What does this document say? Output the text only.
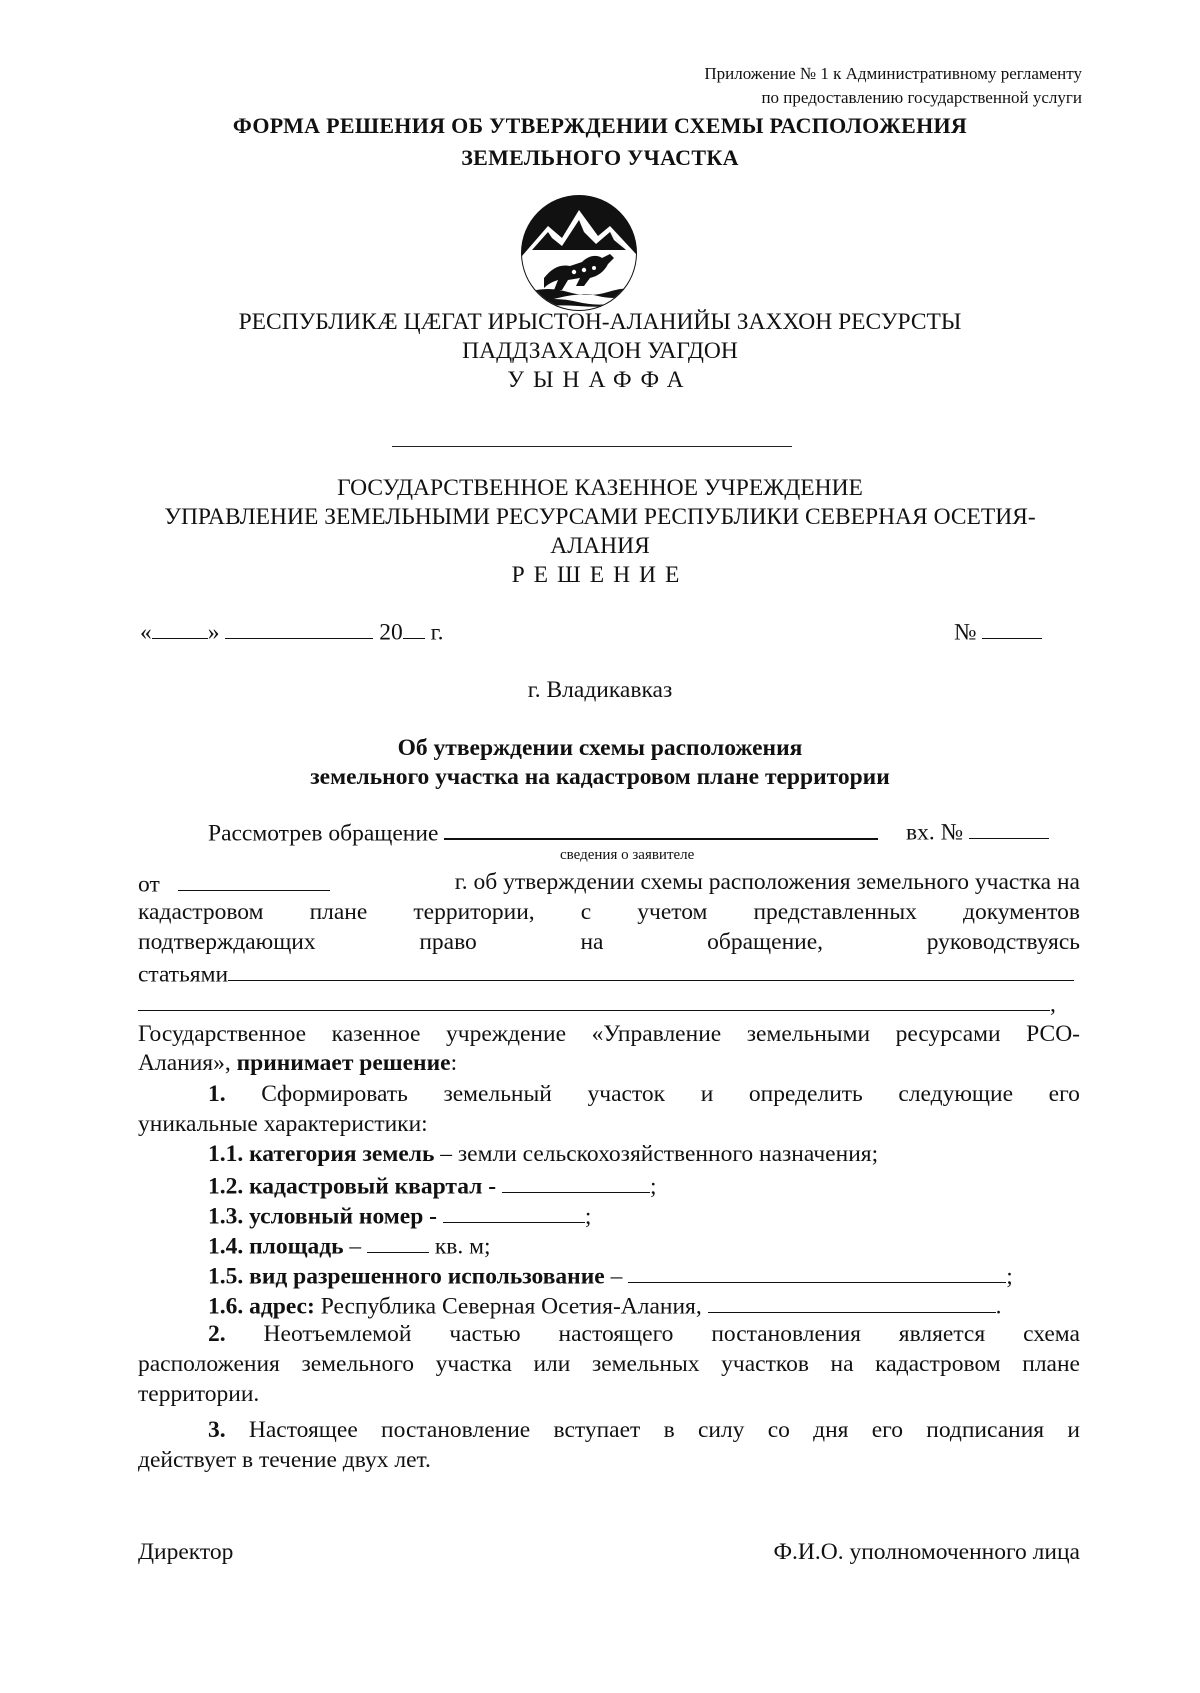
Приложение № 1 к Административному регламенту
по предоставлению государственной услуги
ФОРМА РЕШЕНИЯ ОБ УТВЕРЖДЕНИИ СХЕМЫ РАСПОЛОЖЕНИЯ
ЗЕМЕЛЬНОГО УЧАСТКА
РЕСПУБЛИКӔ ЦӔГАТ ИРЫСТОН-АЛАНИЙЫ ЗАХХОН РЕСУРСТЫ
ПАДДЗАХАДОН УАГДОН
УЫНАФФА
ГОСУДАРСТВЕННОЕ КАЗЕННОЕ УЧРЕЖДЕНИЕ
УПРАВЛЕНИЕ ЗЕМЕЛЬНЫМИ РЕСУРСАМИ РЕСПУБЛИКИ СЕВЕРНАЯ ОСЕТИЯ-
АЛАНИЯ
РЕШЕНИЕ
« »	20 г.	№
г. Владикавказ
Об утверждении схемы расположения
земельного участка на кадастровом плане территории
Рассмотрев обращение	вх. №
сведения о заявителе
от	г. об утверждении схемы расположения земельного участка на
кадастровом плане территории, с учетом представленных документов
подтверждающих	право	на	обращение,	руководствуясь
статьями
,
Государственное казенное учреждение «Управление земельными ресурсами РСО-
Алания», принимает решение:
1. Сформировать земельный участок и определить следующие его
уникальные характеристики:
1.1. категория земель – земли сельскохозяйственного назначения;
1.2. кадастровый квартал -	;
1.3. условный номер -	;
1.4. площадь –	кв. м;
1.5. вид разрешенного использование –	;
1.6. адрес: Республика Северная Осетия-Алания,	.
2. Неотъемлемой частью настоящего постановления является схема
расположения земельного участка или земельных участков на кадастровом плане
территории.
3. Настоящее постановление вступает в силу со дня его подписания и
действует в течение двух лет.
Директор	Ф.И.О. уполномоченного лица
